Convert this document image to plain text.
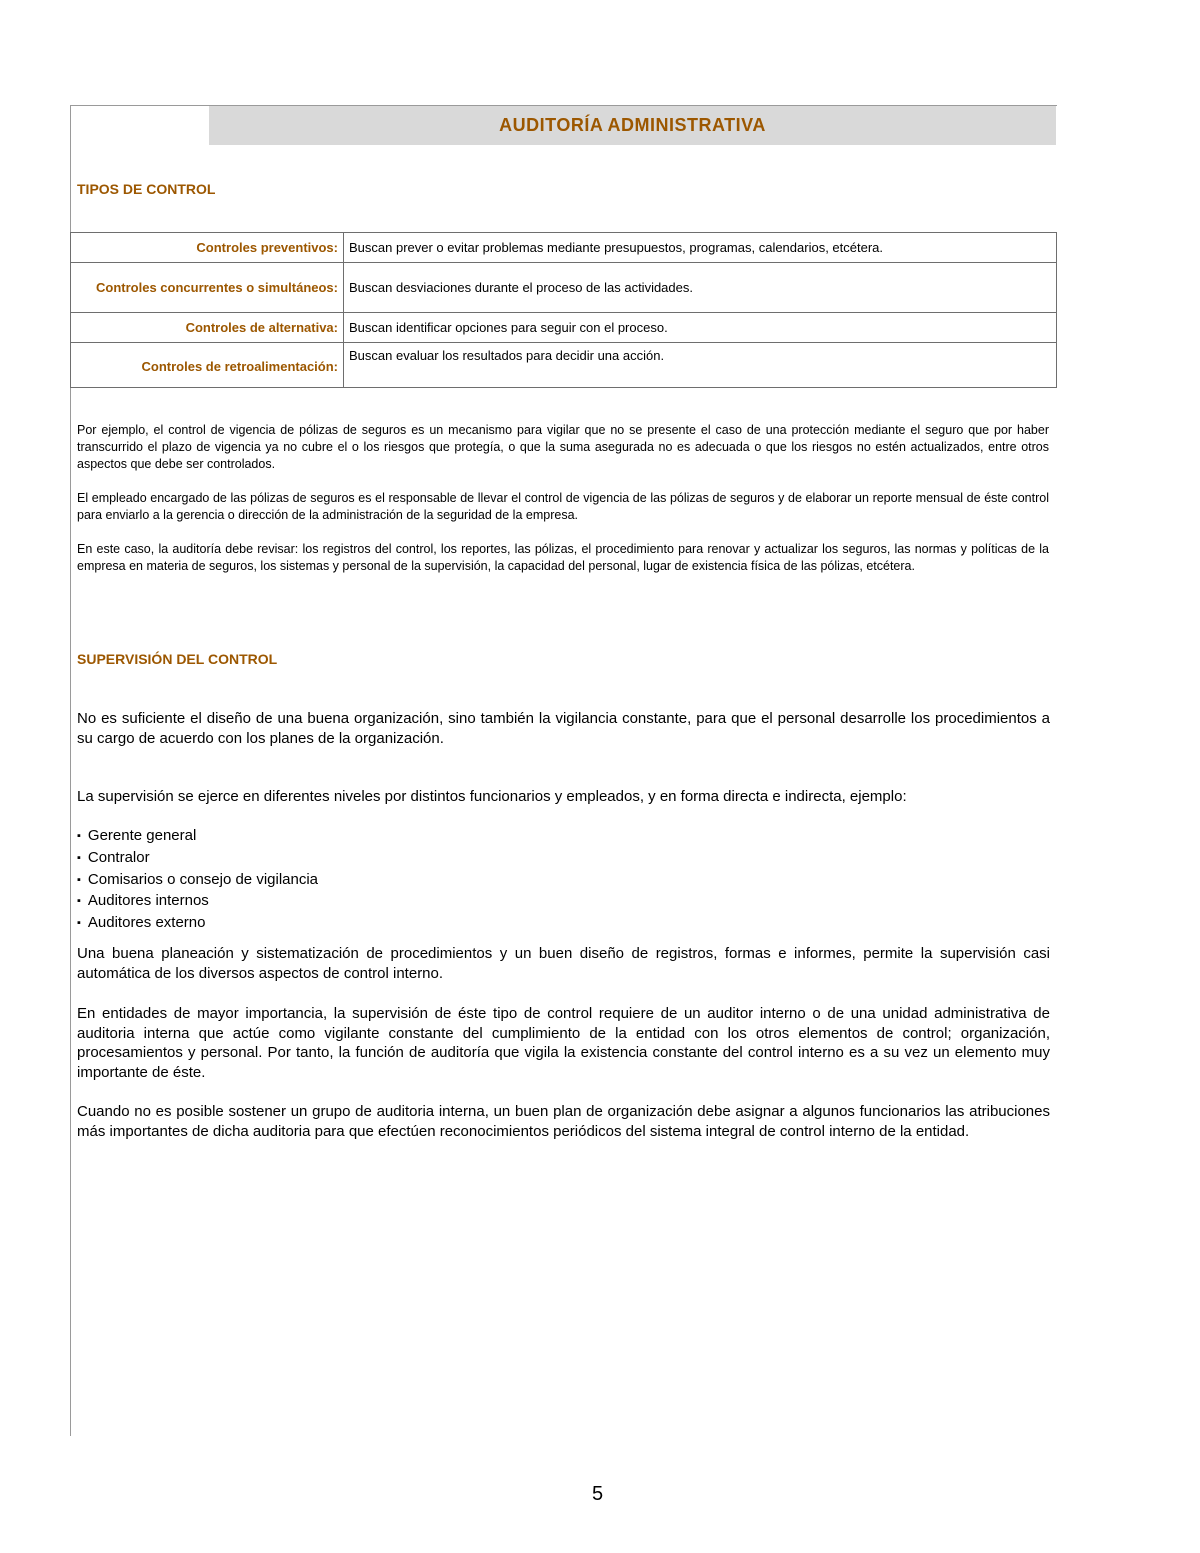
AUDITORÍA ADMINISTRATIVA
TIPOS DE CONTROL
Controles preventivos:	Buscan prever o evitar problemas mediante presupuestos, programas, calendarios, etcétera.
Controles concurrentes o simultáneos:	Buscan desviaciones durante el proceso de las actividades.
Controles de alternativa:	Buscan identificar opciones para seguir con el proceso.
Controles de retroalimentación:	Buscan evaluar los resultados para decidir una acción.

Por ejemplo, el control de vigencia de pólizas de seguros es un mecanismo para vigilar que no se presente el caso de una protección mediante el seguro que por haber transcurrido el plazo de vigencia ya no cubre el o los riesgos que protegía, o que la suma asegurada no es adecuada o que los riesgos no estén actualizados, entre otros aspectos que debe ser controlados.

El empleado encargado de las pólizas de seguros es el responsable de llevar el control de vigencia de las pólizas de seguros y de elaborar un reporte mensual de éste control para enviarlo a la gerencia o dirección de la administración de la seguridad de la empresa.

En este caso, la auditoría debe revisar: los registros del control, los reportes, las pólizas, el procedimiento para renovar y actualizar los seguros, las normas y políticas de la empresa en materia de seguros, los sistemas y personal de la supervisión, la capacidad del personal, lugar de existencia física de las pólizas, etcétera.

SUPERVISIÓN DEL CONTROL

No es suficiente el diseño de una buena organización, sino también la vigilancia constante, para que el personal desarrolle los procedimientos a su cargo de acuerdo con los planes de la organización.

La supervisión se ejerce en diferentes niveles por distintos funcionarios y empleados, y en forma directa e indirecta, ejemplo:

▪ Gerente general
▪ Contralor
▪ Comisarios o consejo de vigilancia
▪ Auditores internos
▪ Auditores externo

Una buena planeación y sistematización de procedimientos y un buen diseño de registros, formas e informes, permite la supervisión casi automática de los diversos aspectos de control interno.

En entidades de mayor importancia, la supervisión de éste tipo de control requiere de un auditor interno o de una unidad administrativa de auditoria interna que actúe como vigilante constante del cumplimiento de la entidad con los otros elementos de control; organización, procesamientos y personal. Por tanto, la función de auditoría que vigila la existencia constante del control interno es a su vez un elemento muy importante de éste.

Cuando no es posible sostener un grupo de auditoria interna, un buen plan de organización debe asignar a algunos funcionarios las atribuciones más importantes de dicha auditoria para que efectúen reconocimientos periódicos del sistema integral de control interno de la entidad.

5
